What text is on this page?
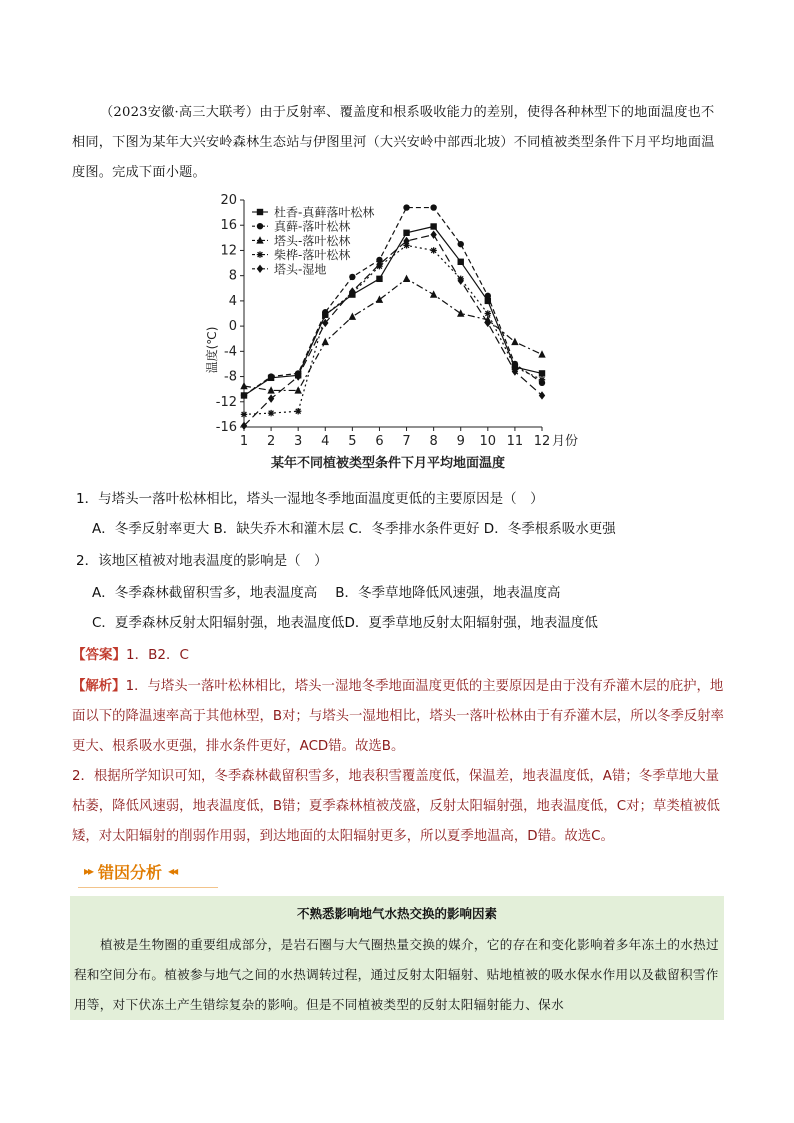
（2023安徽·高三大联考）由于反射率、覆盖度和根系吸收能力的差别，使得各种林型下的地面温度也不相同，下图为某年大兴安岭森林生态站与伊图里河（大兴安岭中部西北坡）不同植被类型条件下月平均地面温度图。完成下面小题。
20
16
12
8
4
0
-4
-8
-12
-16
1 2 3 4 5 6 7 8 9 10 11 12 月份
温度(℃)
某年不同植被类型条件下月平均地面温度
杜香-真藓落叶松林
真藓-落叶松林
塔头-落叶松林
柴桦-落叶松林
塔头-湿地
1．与塔头一落叶松林相比，塔头一湿地冬季地面温度更低的主要原因是（　）
A．冬季反射率更大 B．缺失乔木和灌木层 C．冬季排水条件更好 D．冬季根系吸水更强
2．该地区植被对地表温度的影响是（　）
A．冬季森林截留积雪多，地表温度高 B．冬季草地降低风速强，地表温度高
C．夏季森林反射太阳辐射强，地表温度低D．夏季草地反射太阳辐射强，地表温度低
【答案】1．B2．C

【解析】1．与塔头一落叶松林相比，塔头一湿地冬季地面温度更低的主要原因是由于没有乔灌木层的庇护，地面以下的降温速率高于其他林型，B对；与塔头一湿地相比，塔头一落叶松林由于有乔灌木层，所以冬季反射率更大、根系吸水更强，排水条件更好，ACD错。故选B。

2．根据所学知识可知，冬季森林截留积雪多，地表积雪覆盖度低，保温差，地表温度低，A错；冬季草地大量枯萎，降低风速弱，地表温度低，B错；夏季森林植被茂盛，反射太阳辐射强，地表温度低，C对；草类植被低矮，对太阳辐射的削弱作用弱，到达地面的太阳辐射更多，所以夏季地温高，D错。故选C。

▸▸ 错因分析 ◂◂
不熟悉影响地气水热交换的影响因素
植被是生物圈的重要组成部分，是岩石圈与大气圈热量交换的媒介，它的存在和变化影响着多年冻土的水热过程和空间分布。植被参与地气之间的水热调转过程，通过反射太阳辐射、贴地植被的吸水保水作用以及截留积雪作用等，对下伏冻土产生错综复杂的影响。但是不同植被类型的反射太阳辐射能力、保水
